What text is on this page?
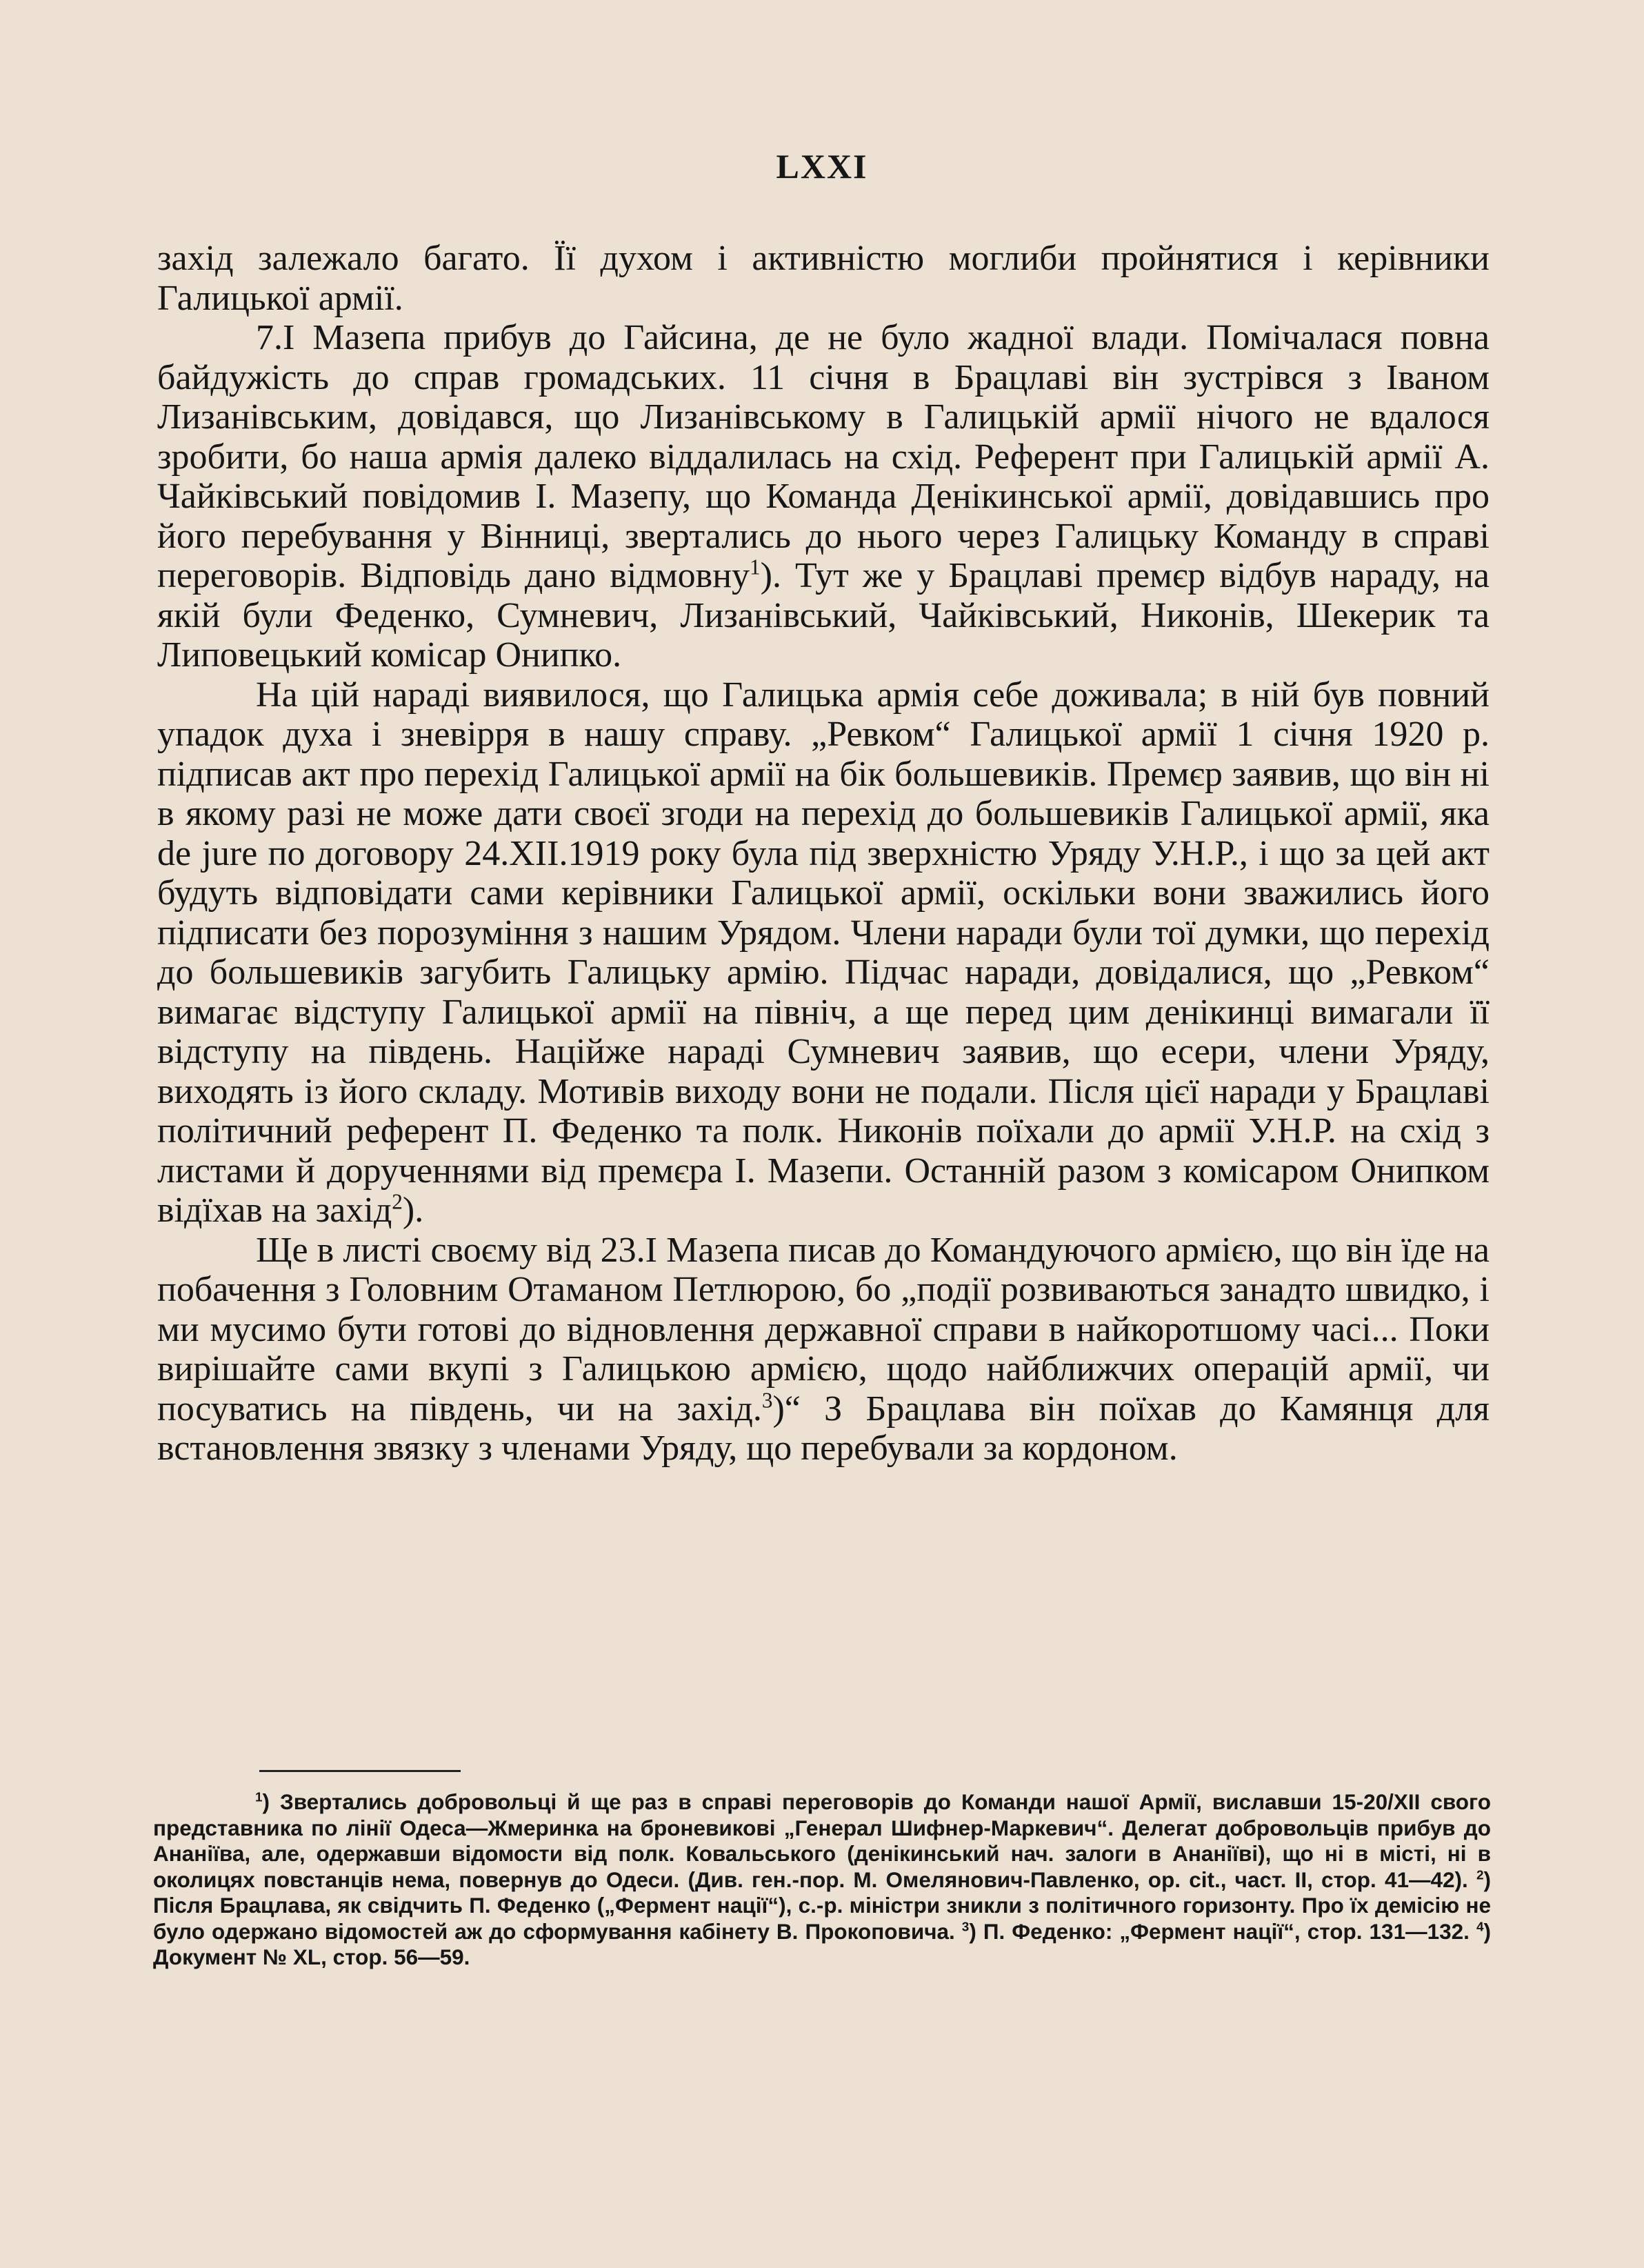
LXXI

захід залежало багато. Її духом і активністю моглиби пройнятися і керівники Галицької армії.

7.І Мазепа прибув до Гайсина, де не було жадної влади. Помічалася повна байдужість до справ громадських. 11 січня в Брацлаві він зустрівся з Іваном Лизанівським, довідався, що Лизанівському в Галицькій армії нічого не вдалося зробити, бо наша армія далеко віддалилась на схід. Референт при Галицькій армії А. Чайківський повідомив І. Мазепу, що Команда Денікинської армії, довідавшись про його перебування у Вінниці, звертались до нього через Галицьку Команду в справі переговорів. Відповідь дано відмовну$^1$). Тут же у Брацлаві премєр відбув нараду, на якій були Феденко, Сумневич, Лизанівський, Чайківський, Никонів, Шекерик та Липовецький комісар Онипко.

На цій нараді виявилося, що Галицька армія себе доживала; в ній був повний упадок духа і зневірря в нашу справу. „Ревком“ Галицької армії 1 січня 1920 р. підписав акт про перехід Галицької армії на бік большевиків. Премєр заявив, що він ні в якому разі не може дати своєї згоди на перехід до большевиків Галицької армії, яка de jure по договору 24.XII.1919 року була під зверхністю Уряду У.Н.Р., і що за цей акт будуть відповідати сами керівники Галицької армії, оскільки вони зважились його підписати без порозуміння з нашим Урядом. Члени наради були тої думки, що перехід до большевиків загубить Галицьку армію. Підчас наради, довідалися, що „Ревком“ вимагає відступу Галицької армії на північ, а ще перед цим денікинці вимагали її відступу на південь. Наційже нараді Сумневич заявив, що есери, члени Уряду, виходять із його складу. Мотивів виходу вони не подали. Після цієї наради у Брацлаві політичний референт П. Феденко та полк. Никонів поїхали до армії У.Н.Р. на схід з листами й дорученнями від премєра І. Мазепи. Останній разом з комісаром Онипком відїхав на захід$^2$).

Ще в листі своєму від 23.І Мазепа писав до Командуючого армією, що він їде на побачення з Головним Отаманом Петлюрою, бо „події розвиваються занадто швидко, і ми мусимо бути готові до відновлення державної справи в найкоротшому часі... Поки вирішайте сами вкупі з Галицькою армією, щодо найближчих операцій армії, чи посуватись на південь, чи на захід.$^3$)“ З Брацлава він поїхав до Камянця для встановлення звязку з членами Уряду, що перебували за кордоном.

$^1$) Звертались добровольці й ще раз в справі переговорів до Команди нашої Армії, виславши 15-20/XII свого представника по лінії Одеса—Жмеринка на броневикові „Генерал Шифнер-Маркевич“. Делегат добровольців прибув до Ананіїва, але, одержавши відомости від полк. Ковальського (денікинський нач. залоги в Ананіїві), що ні в місті, ні в околицях повстанців нема, повернув до Одеси. (Див. ген.-пор. М. Омелянович-Павленко, op. cit., част. II, стор. 41—42). $^2$) Після Брацлава, як свідчить П. Феденко („Фермент нації“), с.-р. міністри зникли з політичного горизонту. Про їх демісію не було одержано відомостей аж до сформування кабінету В. Прокоповича. $^3$) П. Феденко: „Фермент нації“, стор. 131—132. $^4$) Документ № XL, стор. 56—59.
